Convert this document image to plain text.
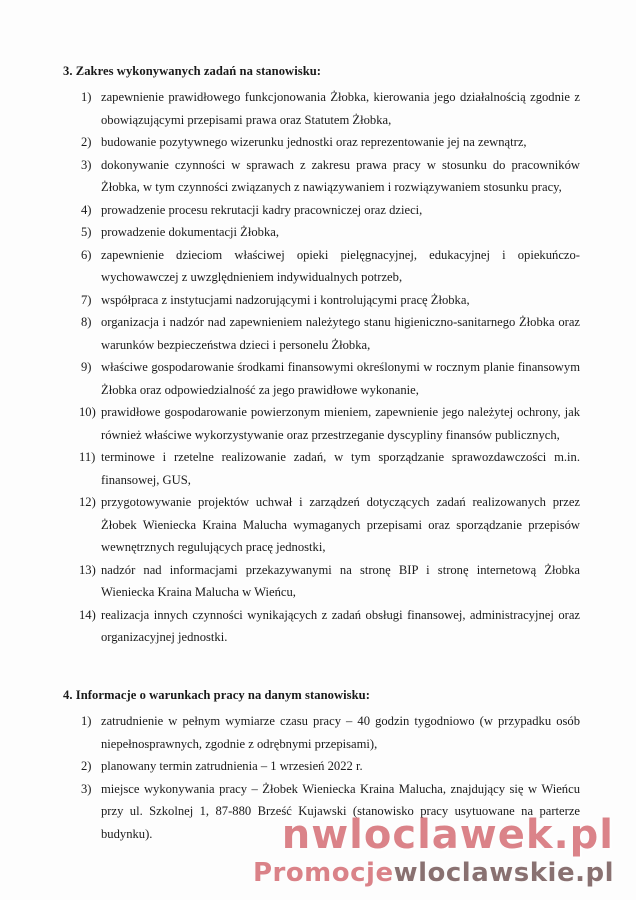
3. Zakres wykonywanych zadań na stanowisku:
1) zapewnienie prawidłowego funkcjonowania Żłobka, kierowania jego działalnością zgodnie z obowiązującymi przepisami prawa oraz Statutem Żłobka,
2) budowanie pozytywnego wizerunku jednostki oraz reprezentowanie jej na zewnątrz,
3) dokonywanie czynności w sprawach z zakresu prawa pracy w stosunku do pracowników Żłobka, w tym czynności związanych z nawiązywaniem i rozwiązywaniem stosunku pracy,
4) prowadzenie procesu rekrutacji kadry pracowniczej oraz dzieci,
5) prowadzenie dokumentacji Żłobka,
6) zapewnienie dzieciom właściwej opieki pielęgnacyjnej, edukacyjnej i opiekuńczo-wychowawczej z uwzględnieniem indywidualnych potrzeb,
7) współpraca z instytucjami nadzorującymi i kontrolującymi pracę Żłobka,
8) organizacja i nadzór nad zapewnieniem należytego stanu higieniczno-sanitarnego Żłobka oraz warunków bezpieczeństwa dzieci i personelu Żłobka,
9) właściwe gospodarowanie środkami finansowymi określonymi w rocznym planie finansowym Żłobka oraz odpowiedzialność za jego prawidłowe wykonanie,
10) prawidłowe gospodarowanie powierzonym mieniem, zapewnienie jego należytej ochrony, jak również właściwe wykorzystywanie oraz przestrzeganie dyscypliny finansów publicznych,
11) terminowe i rzetelne realizowanie zadań, w tym sporządzanie sprawozdawczości m.in. finansowej, GUS,
12) przygotowywanie projektów uchwał i zarządzeń dotyczących zadań realizowanych przez Żłobek Wieniecka Kraina Malucha wymaganych przepisami oraz sporządzanie przepisów wewnętrznych regulujących pracę jednostki,
13) nadzór nad informacjami przekazywanymi na stronę BIP i stronę internetową Żłobka Wieniecka Kraina Malucha w Wieńcu,
14) realizacja innych czynności wynikających z zadań obsługi finansowej, administracyjnej oraz organizacyjnej jednostki.
4. Informacje o warunkach pracy na danym stanowisku:
1) zatrudnienie w pełnym wymiarze czasu pracy – 40 godzin tygodniowo (w przypadku osób niepełnosprawnych, zgodnie z odrębnymi przepisami),
2) planowany termin zatrudnienia – 1 wrzesień 2022 r.
3) miejsce wykonywania pracy – Żłobek Wieniecka Kraina Malucha, znajdujący się w Wieńcu przy ul. Szkolnej 1, 87-880 Brześć Kujawski (stanowisko pracy usytuowane na parterze budynku).	nwloclawek.pl
Promocjewloclawskie.pl
